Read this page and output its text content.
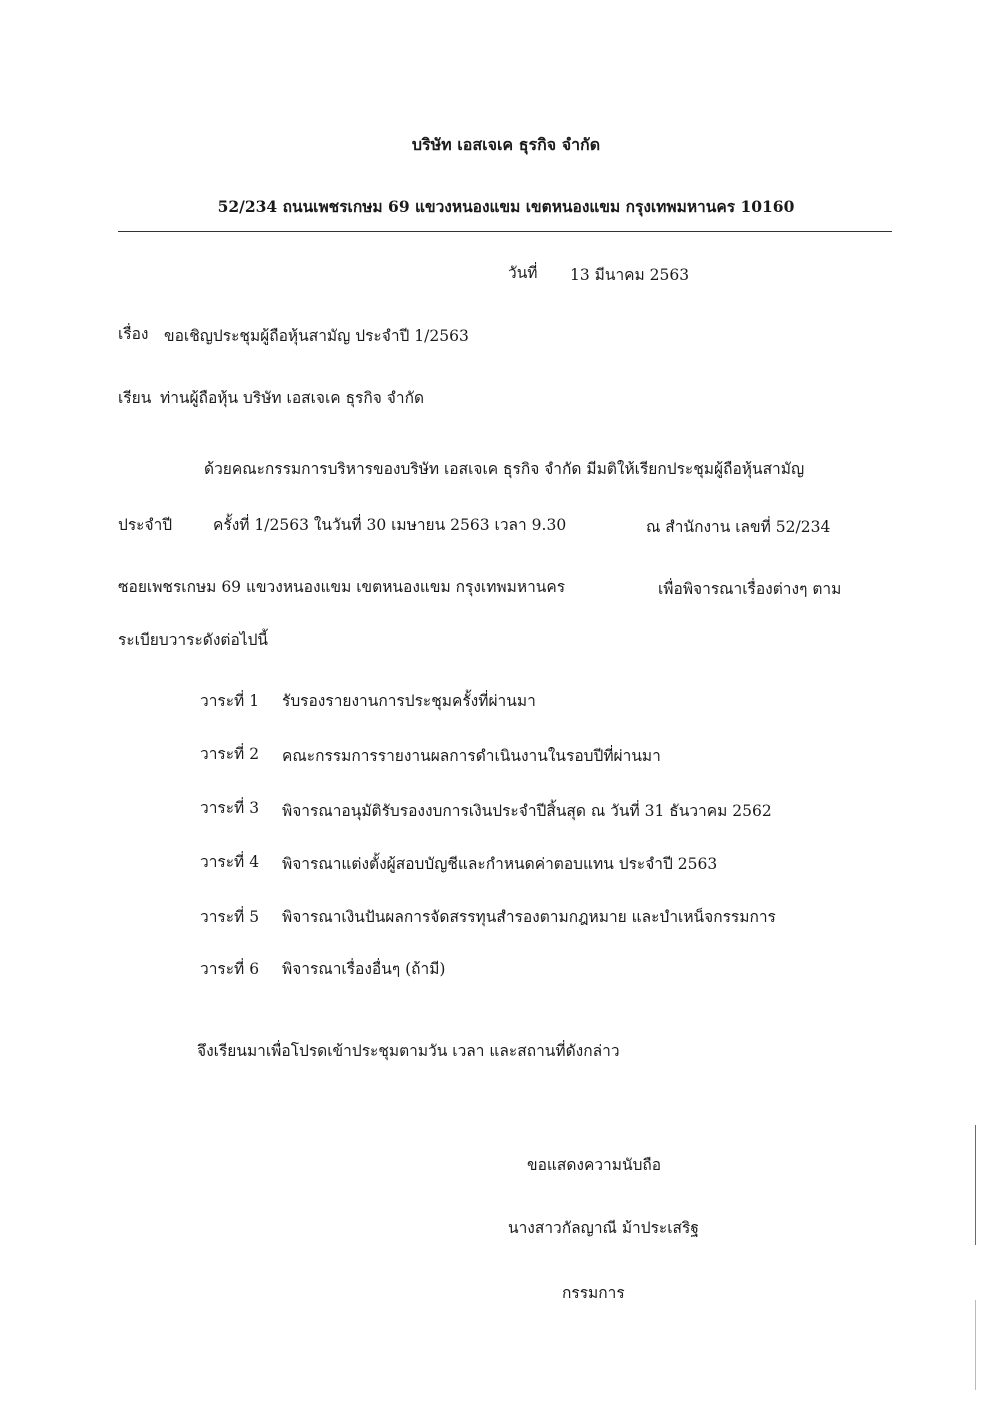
บริษัท เอสเจเค ธุรกิจ จำกัด
52/234 ถนนเพชรเกษม 69 แขวงหนองแขม เขตหนองแขม กรุงเทพมหานคร 10160
วันที่ 13 มีนาคม 2563
เรื่อง ขอเชิญประชุมผู้ถือหุ้นสามัญ ประจำปี 1/2563
เรียน ท่านผู้ถือหุ้น บริษัท เอสเจเค ธุรกิจ จำกัด
ด้วยคณะกรรมการบริหารของบริษัท เอสเจเค ธุรกิจ จำกัด มีมติให้เรียกประชุมผู้ถือหุ้นสามัญ
ประจำปี	ครั้งที่ 1/2563 ในวันที่ 30 เมษายน 2563 เวลา 9.30	ณ สำนักงาน เลขที่ 52/234
ซอยเพชรเกษม 69 แขวงหนองแขม เขตหนองแขม กรุงเทพมหานคร	เพื่อพิจารณาเรื่องต่างๆ ตาม
ระเบียบวาระดังต่อไปนี้
วาระที่ 1 รับรองรายงานการประชุมครั้งที่ผ่านมา
วาระที่ 2 คณะกรรมการรายงานผลการดำเนินงานในรอบปีที่ผ่านมา
วาระที่ 3 พิจารณาอนุมัติรับรองงบการเงินประจำปีสิ้นสุด ณ วันที่ 31 ธันวาคม 2562
วาระที่ 4 พิจารณาแต่งตั้งผู้สอบบัญชีและกำหนดค่าตอบแทน ประจำปี 2563
วาระที่ 5 พิจารณาเงินปันผลการจัดสรรทุนสำรองตามกฎหมาย และบำเหน็จกรรมการ
วาระที่ 6 พิจารณาเรื่องอื่นๆ (ถ้ามี)
จึงเรียนมาเพื่อโปรดเข้าประชุมตามวัน เวลา และสถานที่ดังกล่าว
ขอแสดงความนับถือ
นางสาวกัลญาณี ม้าประเสริฐ
กรรมการ
